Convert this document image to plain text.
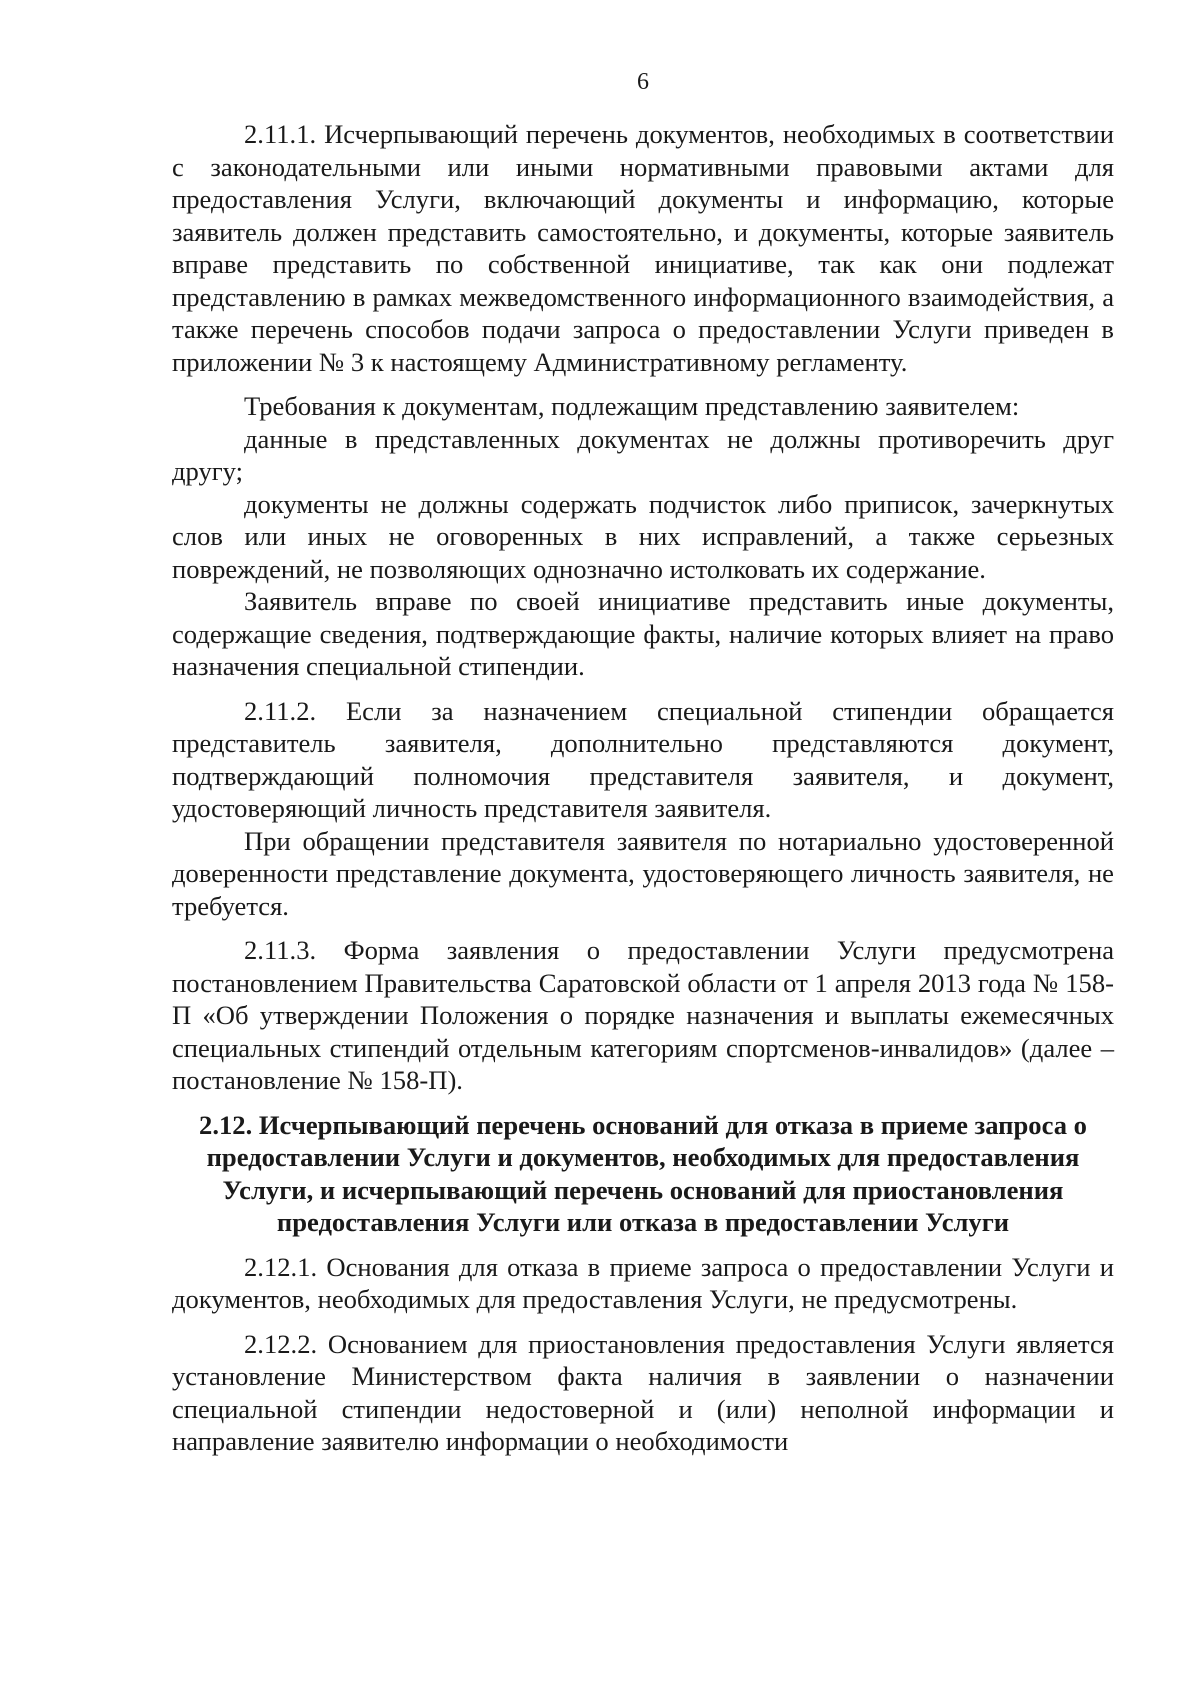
6

2.11.1. Исчерпывающий перечень документов, необходимых в соответствии с законодательными или иными нормативными правовыми актами для предоставления Услуги, включающий документы и информацию, которые заявитель должен представить самостоятельно, и документы, которые заявитель вправе представить по собственной инициативе, так как они подлежат представлению в рамках межведомственного информационного взаимодействия, а также перечень способов подачи запроса о предоставлении Услуги приведен в приложении № 3 к настоящему Административному регламенту.

Требования к документам, подлежащим представлению заявителем:

данные в представленных документах не должны противоречить друг другу;

документы не должны содержать подчисток либо приписок, зачеркнутых слов или иных не оговоренных в них исправлений, а также серьезных повреждений, не позволяющих однозначно истолковать их содержание.

Заявитель вправе по своей инициативе представить иные документы, содержащие сведения, подтверждающие факты, наличие которых влияет на право назначения специальной стипендии.

2.11.2. Если за назначением специальной стипендии обращается представитель заявителя, дополнительно представляются документ, подтверждающий полномочия представителя заявителя, и документ, удостоверяющий личность представителя заявителя.

При обращении представителя заявителя по нотариально удостоверенной доверенности представление документа, удостоверяющего личность заявителя, не требуется.

2.11.3. Форма заявления о предоставлении Услуги предусмотрена постановлением Правительства Саратовской области от 1 апреля 2013 года № 158-П «Об утверждении Положения о порядке назначения и выплаты ежемесячных специальных стипендий отдельным категориям спортсменов-инвалидов» (далее – постановление № 158-П).

2.12. Исчерпывающий перечень оснований для отказа в приеме запроса о предоставлении Услуги и документов, необходимых для предоставления Услуги, и исчерпывающий перечень оснований для приостановления предоставления Услуги или отказа в предоставлении Услуги

2.12.1. Основания для отказа в приеме запроса о предоставлении Услуги и документов, необходимых для предоставления Услуги, не предусмотрены.

2.12.2. Основанием для приостановления предоставления Услуги является установление Министерством факта наличия в заявлении о назначении специальной стипендии недостоверной и (или) неполной информации и направление заявителю информации о необходимости
